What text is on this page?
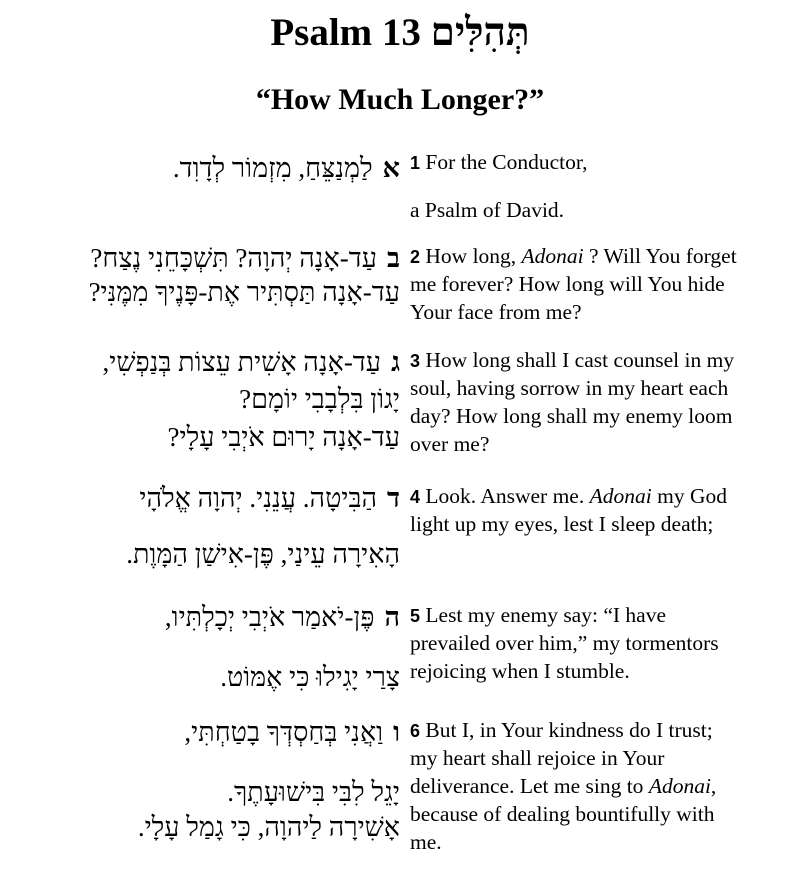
Psalm 13 תְּהִלִּים
“How Much Longer?”
אלַמְנַצֵּחַ, מִזְמוֹר לְדָוִד.	1 For the Conductor,
a Psalm of David.
בעַד-אָנָה יְהוָה? תִּשְׁכָּחֵנִי נֶצַח?
עַד-אָנָה תַּסְתִּיר אֶת-פָּנֶיךָ מִמֶּנִּי?
2 How long, Adonai ? Will You forget
me forever? How long will You hide
Your face from me?
געַד-אָנָה אָשִׁית עֵצוֹת בְּנַפְשִׁי,
יָגוֹן בִּלְבָבִי יוֹמָם?
עַד-אָנָה יָרוּם אֹיְבִי עָלָי?
3 How long shall I cast counsel in my
soul, having sorrow in my heart each
day? How long shall my enemy loom
over me?
דהַבִּיטָה. עֲנֵנִי. יְהוָה אֱלֹהָי
הָאִירָה עֵינַי, פֶּן-אִישַׁן הַמָּוֶת.
4 Look. Answer me. Adonai my God
light up my eyes, lest I sleep death;
הפֶּן-יֹאמַר אֹיְבִי יְכָלְתִּיו,
צָרַי יָגִילוּ כִּי אֶמּוֹט.
5 Lest my enemy say: “I have
prevailed over him,” my tormentors
rejoicing when I stumble.
ווַאֲנִי בְּחַסְדְּךָ בָטַחְתִּי,
יָגֵל לִבִּי בִּישׁוּעָתֶךָ.
אָשִׁירָה לַיהוָה, כִּי גָמַל עָלָי.
6 But I, in Your kindness do I trust;
my heart shall rejoice in Your
deliverance. Let me sing to Adonai,
because of dealing bountifully with
me.
